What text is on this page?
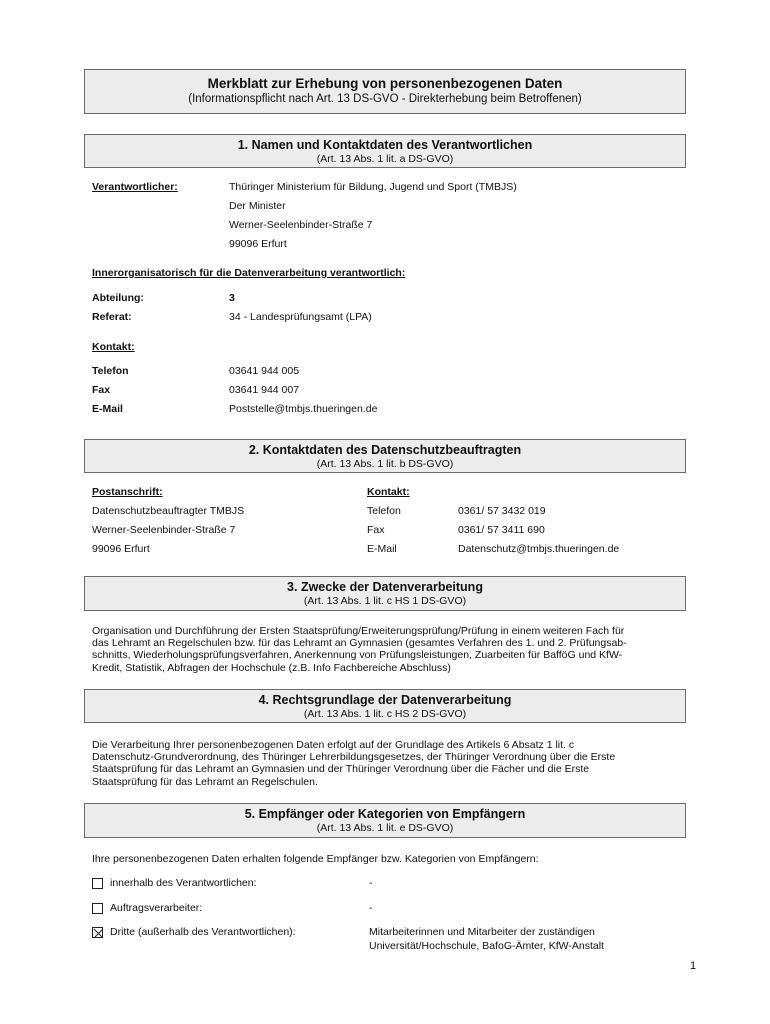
Merkblatt zur Erhebung von personenbezogenen Daten
(Informationspflicht nach Art. 13 DS-GVO - Direkterhebung beim Betroffenen)
1. Namen und Kontaktdaten des Verantwortlichen
(Art. 13 Abs. 1 lit. a DS-GVO)
Verantwortlicher:	Thüringer Ministerium für Bildung, Jugend und Sport (TMBJS)
Der Minister
Werner-Seelenbinder-Straße 7
99096 Erfurt
Innerorganisatorisch für die Datenverarbeitung verantwortlich:
Abteilung:	3
Referat:	34 - Landesprüfungsamt (LPA)
Kontakt:
Telefon	03641 944 005
Fax	03641 944 007
E-Mail	Poststelle@tmbjs.thueringen.de
2. Kontaktdaten des Datenschutzbeauftragten
(Art. 13 Abs. 1 lit. b DS-GVO)
Postanschrift:
Datenschutzbeauftragter TMBJS
Werner-Seelenbinder-Straße 7
99096 Erfurt
Kontakt:
Telefon	0361/ 57 3432 019
Fax	0361/ 57 3411 690
E-Mail	Datenschutz@tmbjs.thueringen.de
3. Zwecke der Datenverarbeitung
(Art. 13 Abs. 1 lit. c HS 1 DS-GVO)
Organisation und Durchführung der Ersten Staatsprüfung/Erweiterungsprüfung/Prüfung in einem weiteren Fach für
das Lehramt an Regelschulen bzw. für das Lehramt an Gymnasien (gesamtes Verfahren des 1. und 2. Prüfungsab-
schnitts, Wiederholungsprüfungsverfahren, Anerkennung von Prüfungsleistungen, Zuarbeiten für BafföG und KfW-
Kredit, Statistik, Abfragen der Hochschule (z.B. Info Fachbereiche Abschluss)
4. Rechtsgrundlage der Datenverarbeitung
(Art. 13 Abs. 1 lit. c HS 2 DS-GVO)
Die Verarbeitung Ihrer personenbezogenen Daten erfolgt auf der Grundlage des Artikels 6 Absatz 1 lit. c
Datenschutz-Grundverordnung, des Thüringer Lehrerbildungsgesetzes, der Thüringer Verordnung über die Erste
Staatsprüfung für das Lehramt an Gymnasien und der Thüringer Verordnung über die Fächer und die Erste
Staatsprüfung für das Lehramt an Regelschulen.
5. Empfänger oder Kategorien von Empfängern
(Art. 13 Abs. 1 lit. e DS-GVO)
Ihre personenbezogenen Daten erhalten folgende Empfänger bzw. Kategorien von Empfängern:
innerhalb des Verantwortlichen:	-
Auftragsverarbeiter:	-
Dritte (außerhalb des Verantwortlichen):	Mitarbeiterinnen und Mitarbeiter der zuständigen
Universität/Hochschule, BafoG-Ämter, KfW-Anstalt
1
